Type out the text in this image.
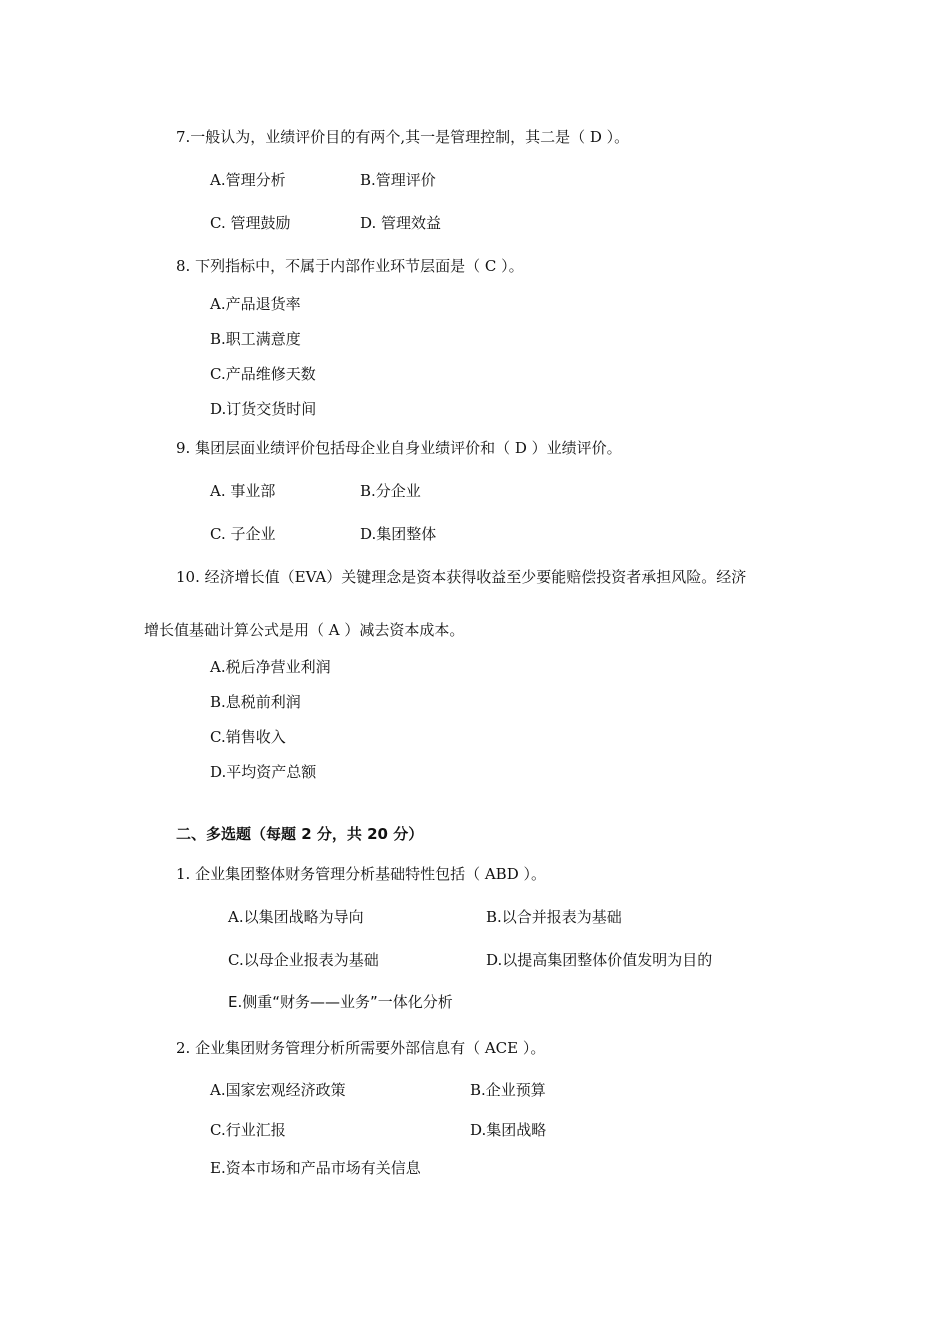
7.一般认为，业绩评价目的有两个,其一是管理控制，其二是（ D ）。
A.管理分析	B.管理评价
C. 管理鼓励	D. 管理效益
8. 下列指标中，不属于内部作业环节层面是（ C ）。
A.产品退货率
B.职工满意度
C.产品维修天数
D.订货交货时间
9. 集团层面业绩评价包括母企业自身业绩评价和（ D ）业绩评价。
A. 事业部	B.分企业
C. 子企业	D.集团整体
10. 经济增长值（EVA）关键理念是资本获得收益至少要能赔偿投资者承担风险。经济
增长值基础计算公式是用（ A ）减去资本成本。
A.税后净营业利润
B.息税前利润
C.销售收入
D.平均资产总额
二、多选题（每题 2 分，共 20 分）
1. 企业集团整体财务管理分析基础特性包括（ ABD ）。
A.以集团战略为导向	B.以合并报表为基础
C.以母企业报表为基础	D.以提高集团整体价值发明为目的
E.侧重“财务——业务”一体化分析
2. 企业集团财务管理分析所需要外部信息有（ ACE ）。
A.国家宏观经济政策	B.企业预算
C.行业汇报	D.集团战略
E.资本市场和产品市场有关信息
